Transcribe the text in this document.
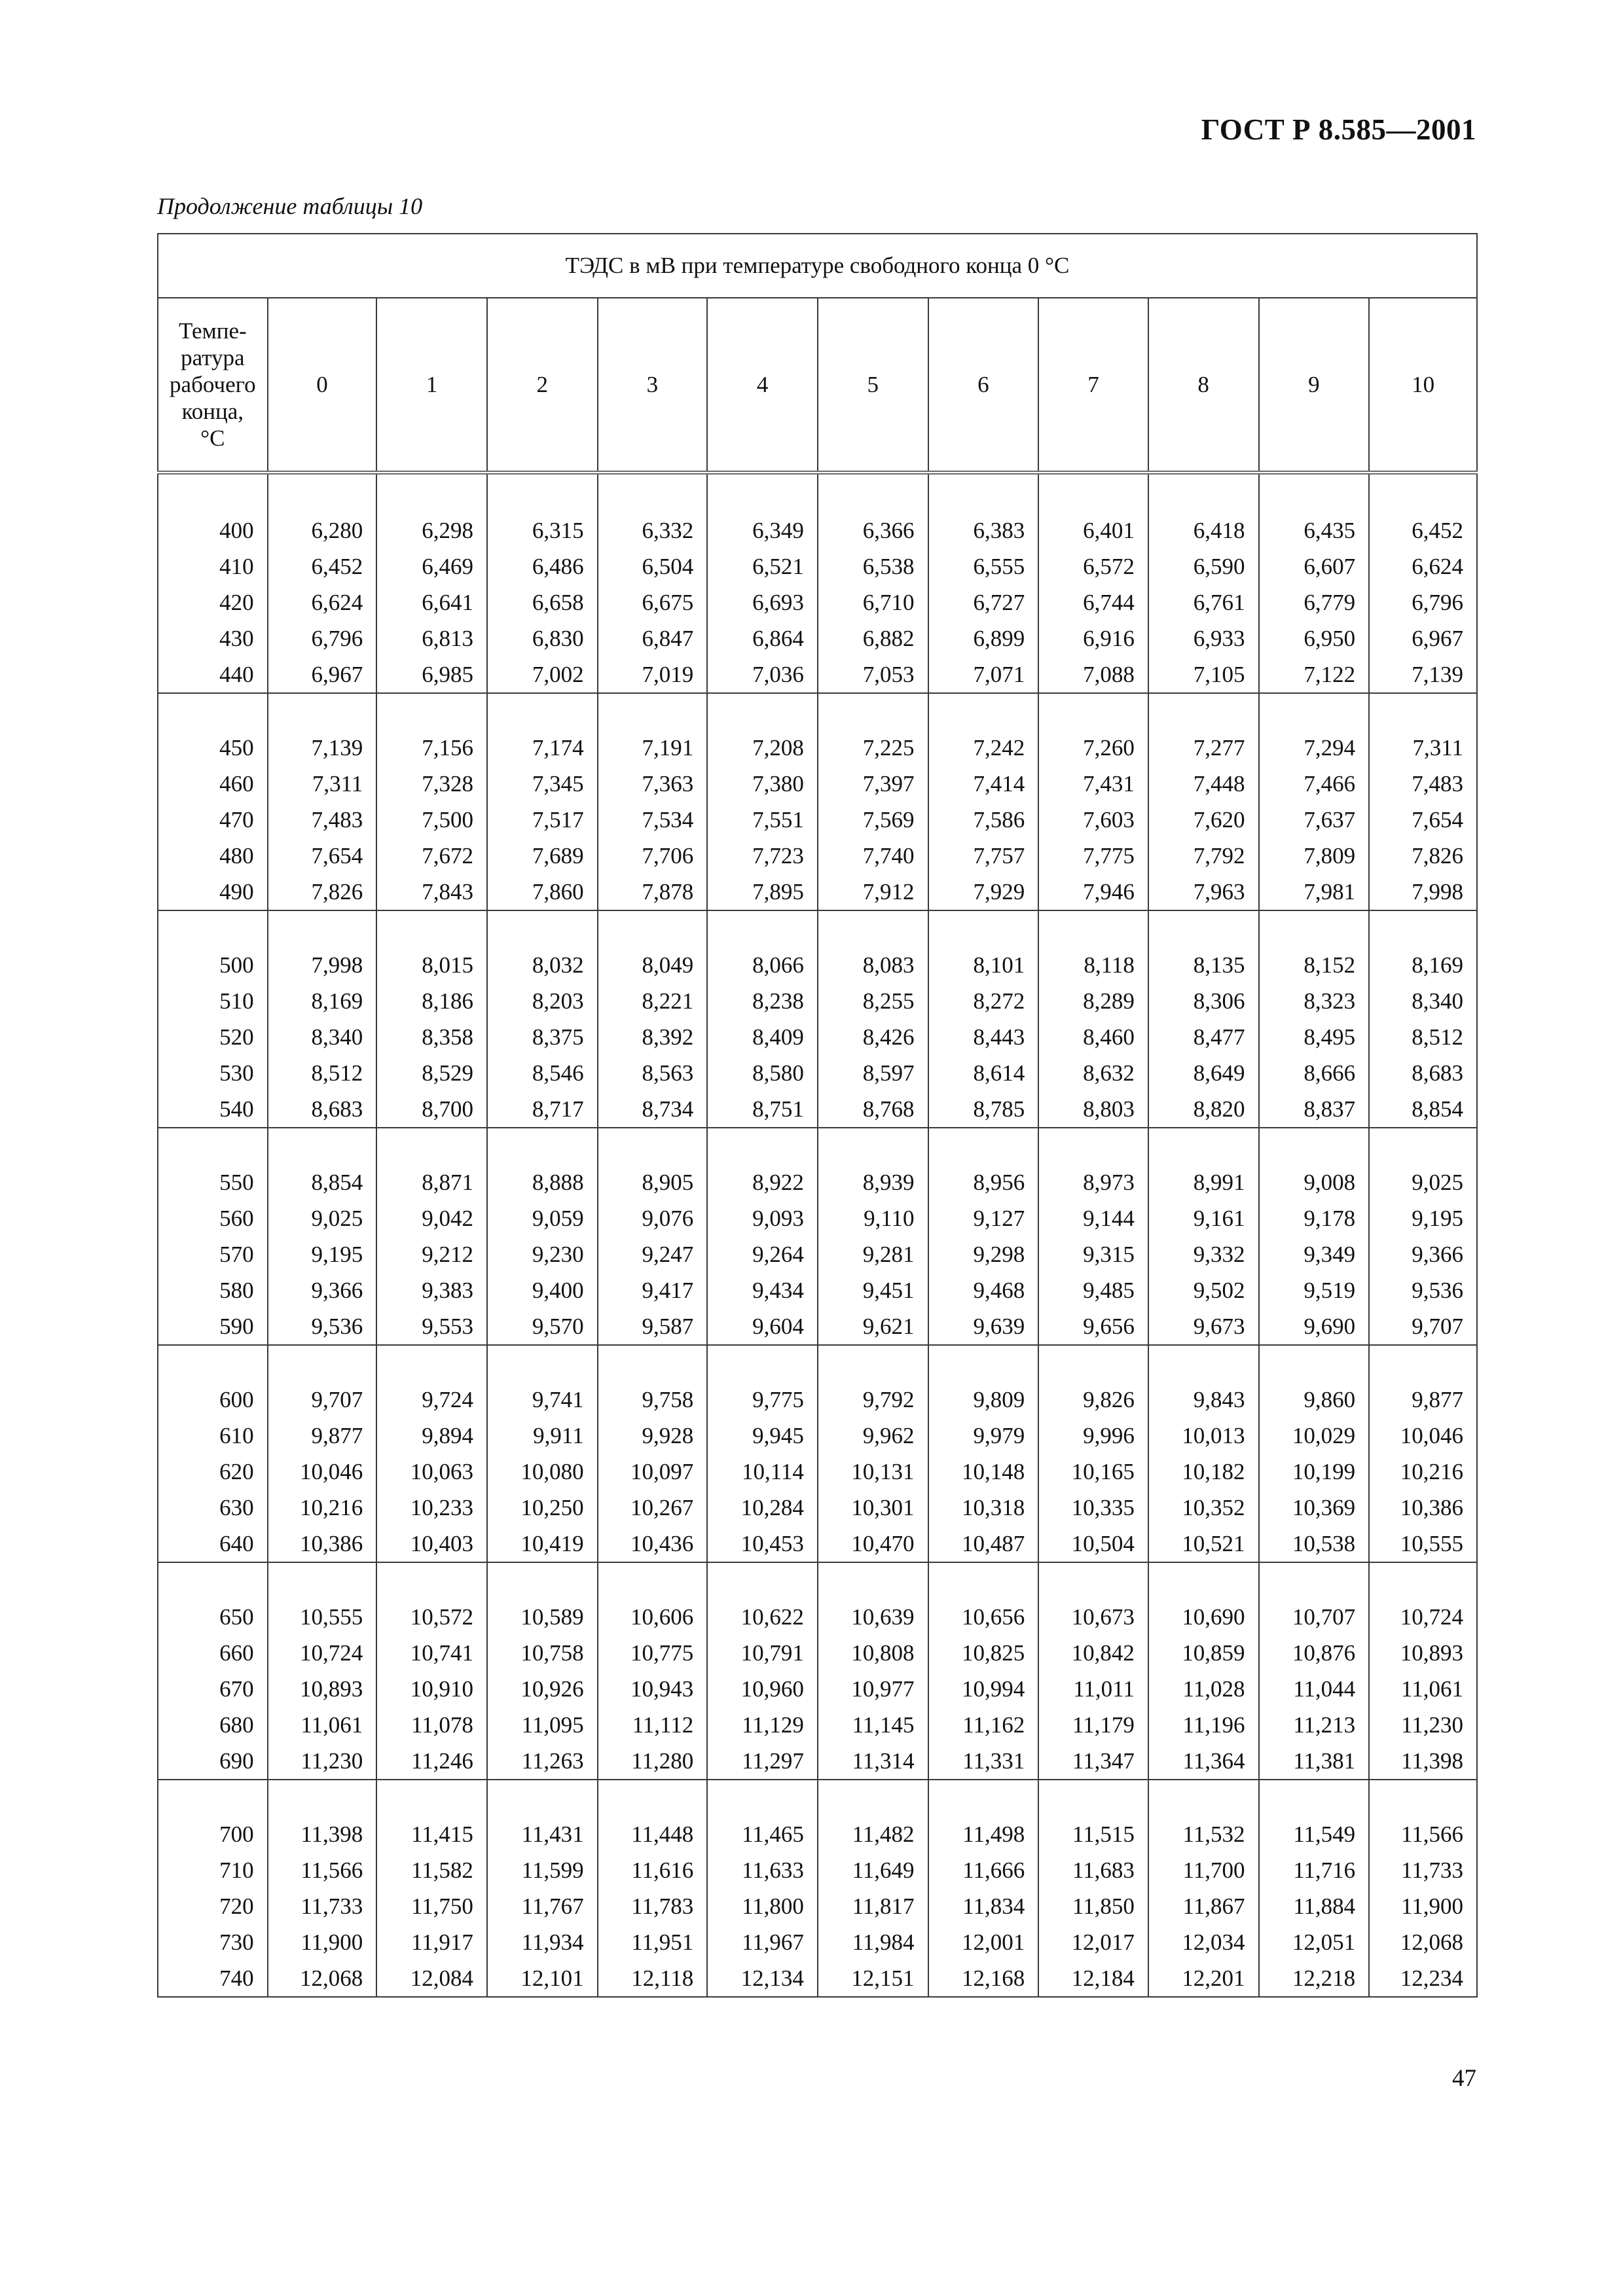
ГОСТ Р 8.585—2001

Продолжение таблицы 10

ТЭДС в мВ при температуре свободного конца 0 °С											

Темпе-
ратура
рабочего
конца,
°С	0	1	2	3	4	5	6	7	8	9	10

400	6,280	6,298	6,315	6,332	6,349	6,366	6,383	6,401	6,418	6,435	6,452
410	6,452	6,469	6,486	6,504	6,521	6,538	6,555	6,572	6,590	6,607	6,624
420	6,624	6,641	6,658	6,675	6,693	6,710	6,727	6,744	6,761	6,779	6,796
430	6,796	6,813	6,830	6,847	6,864	6,882	6,899	6,916	6,933	6,950	6,967
440	6,967	6,985	7,002	7,019	7,036	7,053	7,071	7,088	7,105	7,122	7,139

450	7,139	7,156	7,174	7,191	7,208	7,225	7,242	7,260	7,277	7,294	7,311
460	7,311	7,328	7,345	7,363	7,380	7,397	7,414	7,431	7,448	7,466	7,483
470	7,483	7,500	7,517	7,534	7,551	7,569	7,586	7,603	7,620	7,637	7,654
480	7,654	7,672	7,689	7,706	7,723	7,740	7,757	7,775	7,792	7,809	7,826
490	7,826	7,843	7,860	7,878	7,895	7,912	7,929	7,946	7,963	7,981	7,998

500	7,998	8,015	8,032	8,049	8,066	8,083	8,101	8,118	8,135	8,152	8,169
510	8,169	8,186	8,203	8,221	8,238	8,255	8,272	8,289	8,306	8,323	8,340
520	8,340	8,358	8,375	8,392	8,409	8,426	8,443	8,460	8,477	8,495	8,512
530	8,512	8,529	8,546	8,563	8,580	8,597	8,614	8,632	8,649	8,666	8,683
540	8,683	8,700	8,717	8,734	8,751	8,768	8,785	8,803	8,820	8,837	8,854

550	8,854	8,871	8,888	8,905	8,922	8,939	8,956	8,973	8,991	9,008	9,025
560	9,025	9,042	9,059	9,076	9,093	9,110	9,127	9,144	9,161	9,178	9,195
570	9,195	9,212	9,230	9,247	9,264	9,281	9,298	9,315	9,332	9,349	9,366
580	9,366	9,383	9,400	9,417	9,434	9,451	9,468	9,485	9,502	9,519	9,536
590	9,536	9,553	9,570	9,587	9,604	9,621	9,639	9,656	9,673	9,690	9,707

600	9,707	9,724	9,741	9,758	9,775	9,792	9,809	9,826	9,843	9,860	9,877
610	9,877	9,894	9,911	9,928	9,945	9,962	9,979	9,996	10,013	10,029	10,046
620	10,046	10,063	10,080	10,097	10,114	10,131	10,148	10,165	10,182	10,199	10,216
630	10,216	10,233	10,250	10,267	10,284	10,301	10,318	10,335	10,352	10,369	10,386
640	10,386	10,403	10,419	10,436	10,453	10,470	10,487	10,504	10,521	10,538	10,555

650	10,555	10,572	10,589	10,606	10,622	10,639	10,656	10,673	10,690	10,707	10,724
660	10,724	10,741	10,758	10,775	10,791	10,808	10,825	10,842	10,859	10,876	10,893
670	10,893	10,910	10,926	10,943	10,960	10,977	10,994	11,011	11,028	11,044	11,061
680	11,061	11,078	11,095	11,112	11,129	11,145	11,162	11,179	11,196	11,213	11,230
690	11,230	11,246	11,263	11,280	11,297	11,314	11,331	11,347	11,364	11,381	11,398

700	11,398	11,415	11,431	11,448	11,465	11,482	11,498	11,515	11,532	11,549	11,566
710	11,566	11,582	11,599	11,616	11,633	11,649	11,666	11,683	11,700	11,716	11,733
720	11,733	11,750	11,767	11,783	11,800	11,817	11,834	11,850	11,867	11,884	11,900
730	11,900	11,917	11,934	11,951	11,967	11,984	12,001	12,017	12,034	12,051	12,068
740	12,068	12,084	12,101	12,118	12,134	12,151	12,168	12,184	12,201	12,218	12,234

47
